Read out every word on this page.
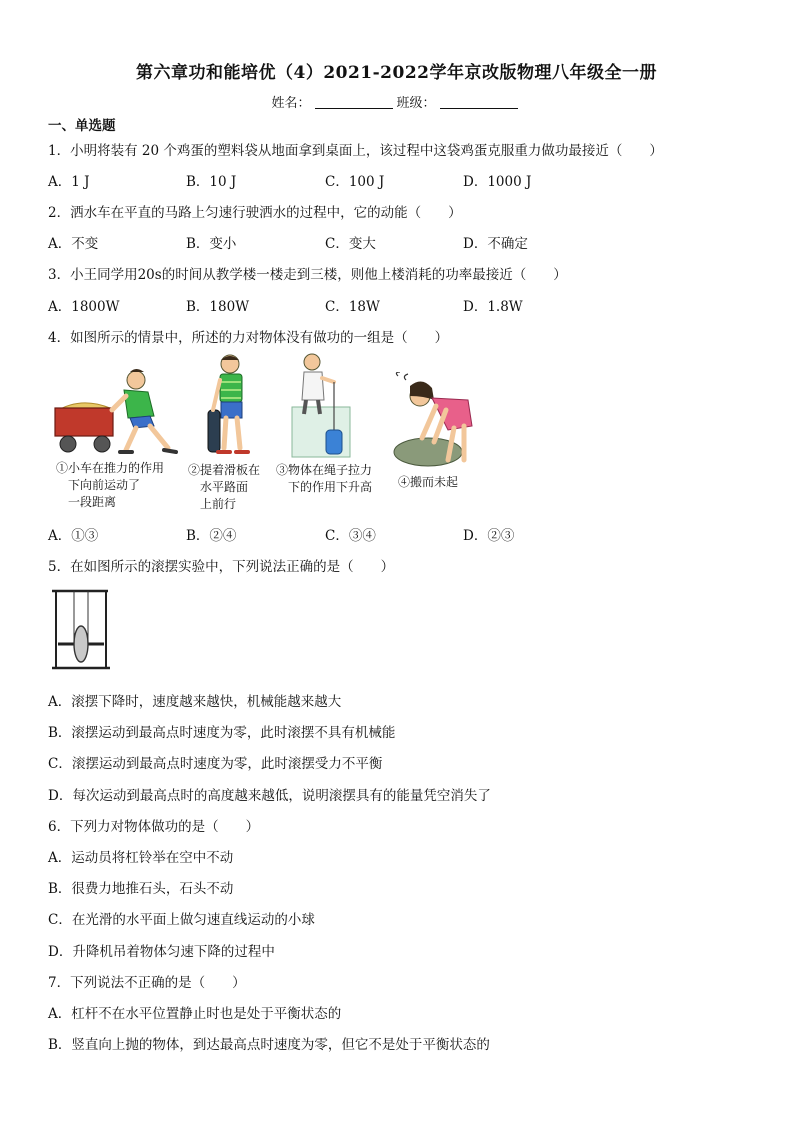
第六章功和能培优（4）2021-2022学年京改版物理八年级全一册
姓名：	班级：
一、单选题
1．小明将装有 20 个鸡蛋的塑料袋从地面拿到桌面上，该过程中这袋鸡蛋克服重力做功最接近（　　）
A．1 J	B．10 J	C．100 J	D．1000 J
2．洒水车在平直的马路上匀速行驶洒水的过程中，它的动能（　　）
A．不变	B．变小	C．变大	D．不确定
3．小王同学用20s的时间从教学楼一楼走到三楼，则他上楼消耗的功率最接近（　　）
A．1800W	B．180W	C．18W	D．1.8W
4．如图所示的情景中，所述的力对物体没有做功的一组是（　　）
①小车在推力的作用
　下向前运动了
　一段距离
②提着滑板在
　水平路面
　上前行
③物体在绳子拉力
　下的作用下升高	④搬而未起
A．①③	B．②④	C．③④	D．②③
5．在如图所示的滚摆实验中，下列说法正确的是（　　）
A．滚摆下降时，速度越来越快，机械能越来越大
B．滚摆运动到最高点时速度为零，此时滚摆不具有机械能
C．滚摆运动到最高点时速度为零，此时滚摆受力不平衡
D．每次运动到最高点时的高度越来越低，说明滚摆具有的能量凭空消失了
6．下列力对物体做功的是（　　）
A．运动员将杠铃举在空中不动
B．很费力地推石头，石头不动
C．在光滑的水平面上做匀速直线运动的小球
D．升降机吊着物体匀速下降的过程中
7．下列说法不正确的是（　　）
A．杠杆不在水平位置静止时也是处于平衡状态的
B．竖直向上抛的物体，到达最高点时速度为零，但它不是处于平衡状态的
